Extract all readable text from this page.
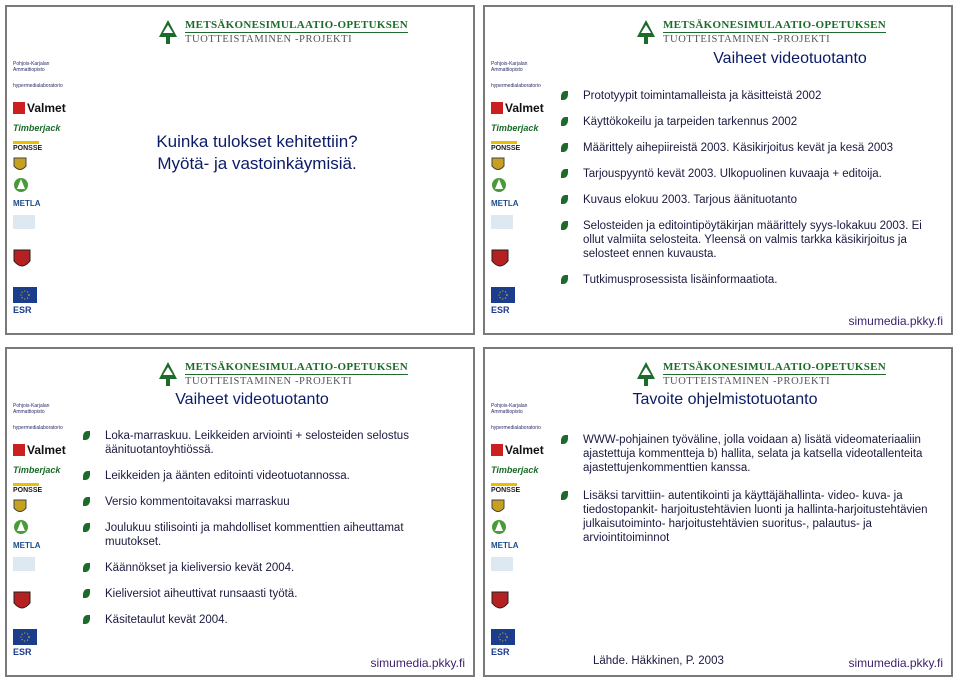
METSÄKONESIMULAATIO-OPETUKSEN
TUOTTEISTAMINEN -PROJEKTI
Pohjois-Karjalan Ammattiopisto
hypermedialaboratorio
Valmet
Timberjack
PONSSE
METLA
ESR
Kuinka tulokset kehitettiin?
Myötä- ja vastoinkäymisiä.
METSÄKONESIMULAATIO-OPETUKSEN
TUOTTEISTAMINEN -PROJEKTI
Pohjois-Karjalan Ammattiopisto
hypermedialaboratorio
Valmet
Timberjack
PONSSE
METLA
ESR
Vaiheet videotuotanto
Prototyypit toimintamalleista ja käsitteistä 2002
Käyttökokeilu ja tarpeiden tarkennus 2002
Määrittely aihepiireistä 2003. Käsikirjoitus kevät ja kesä 2003
Tarjouspyyntö kevät 2003. Ulkopuolinen kuvaaja + editoija.
Kuvaus elokuu 2003. Tarjous äänituotanto
Selosteiden ja editointipöytäkirjan määrittely syys-lokakuu 2003. Ei ollut valmiita selosteita. Yleensä on valmis tarkka käsikirjoitus ja selosteet ennen kuvausta.
Tutkimusprosessista lisäinformaatiota.
simumedia.pkky.fi
METSÄKONESIMULAATIO-OPETUKSEN
TUOTTEISTAMINEN -PROJEKTI
Pohjois-Karjalan Ammattiopisto
hypermedialaboratorio
Valmet
Timberjack
PONSSE
METLA
ESR
Vaiheet videotuotanto
Loka-marraskuu. Leikkeiden arviointi + selosteiden selostus äänituotantoyhtiössä.
Leikkeiden ja äänten editointi videotuotannossa.
Versio kommentoitavaksi marraskuu
Joulukuu stilisointi ja mahdolliset kommenttien aiheuttamat muutokset.
Käännökset ja kieliversio kevät 2004.
Kieliversiot aiheuttivat runsaasti työtä.
Käsitetaulut kevät 2004.
simumedia.pkky.fi
METSÄKONESIMULAATIO-OPETUKSEN
TUOTTEISTAMINEN -PROJEKTI
Pohjois-Karjalan Ammattiopisto
hypermedialaboratorio
Valmet
Timberjack
PONSSE
METLA
ESR
Tavoite ohjelmistotuotanto
WWW-pohjainen työväline, jolla voidaan a) lisätä videomateriaaliin ajastettuja kommentteja b) hallita, selata ja katsella videotallenteita ajastettujenkommenttien kanssa.
Lisäksi tarvittiin- autentikointi ja käyttäjähallinta- video- kuva- ja tiedostopankit- harjoitustehtävien luonti ja hallinta-harjoitustehtävien julkaisutoiminto- harjoitustehtävien suoritus-, palautus- ja arviointitoiminnot
Lähde. Häkkinen, P. 2003	simumedia.pkky.fi
